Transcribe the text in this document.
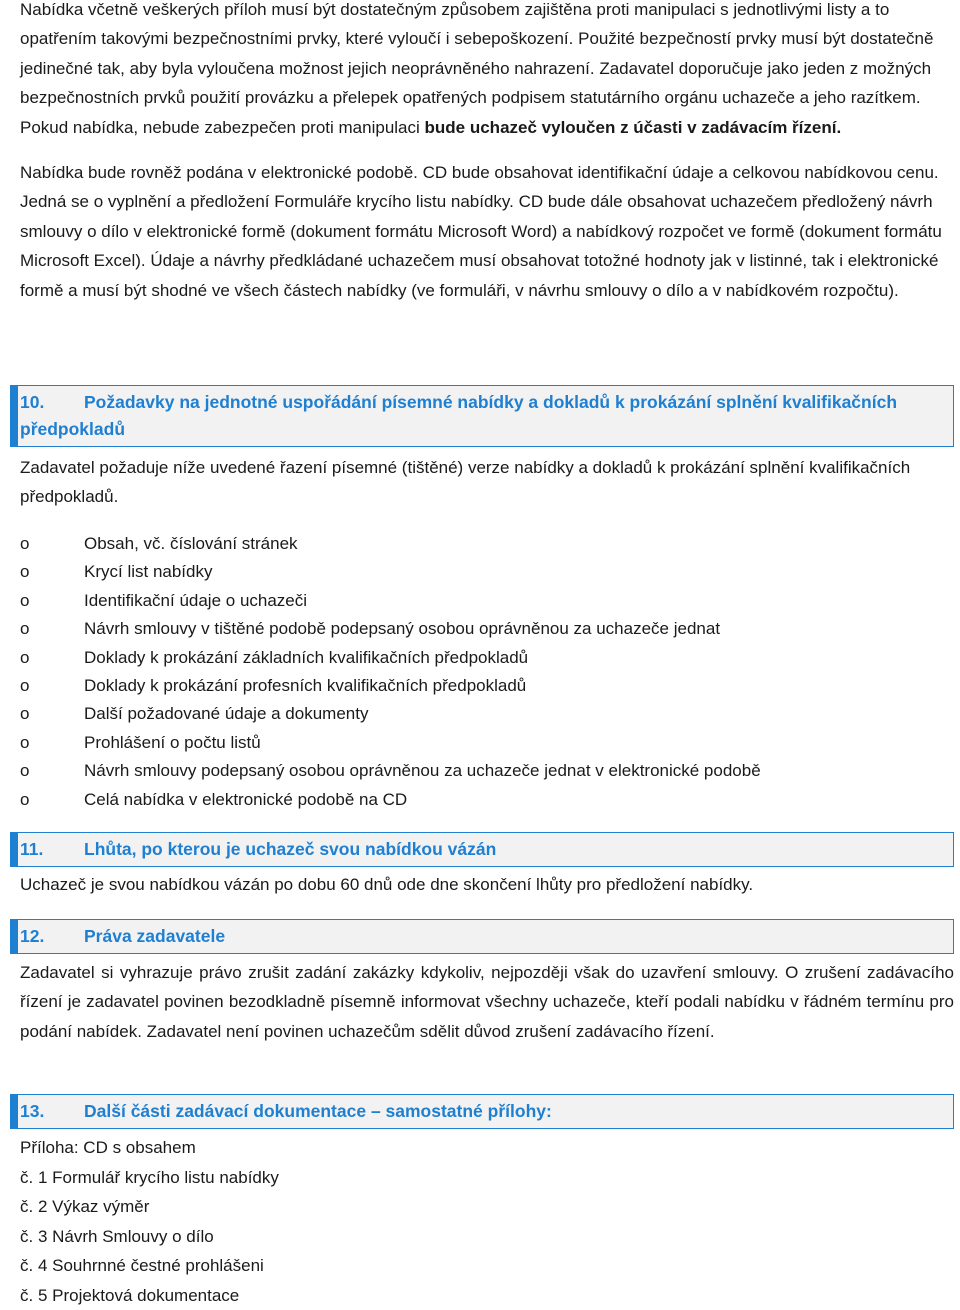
Nabídka včetně veškerých příloh musí být dostatečným způsobem zajištěna proti manipulaci s jednotlivými listy a to opatřením takovými bezpečnostními prvky, které vyloučí i sebepoškození. Použité bezpečností prvky musí být dostatečně jedinečné tak, aby byla vyloučena možnost jejich neoprávněného nahrazení. Zadavatel doporučuje jako jeden z možných bezpečnostních prvků použití provázku a přelepek opatřených podpisem statutárního orgánu uchazeče a jeho razítkem. Pokud nabídka, nebude zabezpečen proti manipulaci bude uchazeč vyloučen z účasti v zadávacím řízení.

Nabídka bude rovněž podána v elektronické podobě. CD bude obsahovat identifikační údaje a celkovou nabídkovou cenu. Jedná se o vyplnění a předložení Formuláře krycího listu nabídky. CD bude dále obsahovat uchazečem předložený návrh smlouvy o dílo v elektronické formě (dokument formátu Microsoft Word) a nabídkový rozpočet ve formě (dokument formátu Microsoft Excel). Údaje a návrhy předkládané uchazečem musí obsahovat totožné hodnoty jak v listinné, tak i elektronické formě a musí být shodné ve všech částech nabídky (ve formuláři, v návrhu smlouvy o dílo a v nabídkovém rozpočtu).

10. Požadavky na jednotné uspořádání písemné nabídky a dokladů k prokázání splnění kvalifikačních
předpokladů

Zadavatel požaduje níže uvedené řazení písemné (tištěné) verze nabídky a dokladů k prokázání splnění kvalifikačních předpokladů.

o	Obsah, vč. číslování stránek
o	Krycí list nabídky
o	Identifikační údaje o uchazeči
o	Návrh smlouvy v tištěné podobě podepsaný osobou oprávněnou za uchazeče jednat
o	Doklady k prokázání základních kvalifikačních předpokladů
o	Doklady k prokázání profesních kvalifikačních předpokladů
o	Další požadované údaje a dokumenty
o	Prohlášení o počtu listů
o	Návrh smlouvy podepsaný osobou oprávněnou za uchazeče jednat v elektronické podobě
o	Celá nabídka v elektronické podobě na CD
11. Lhůta, po kterou je uchazeč svou nabídkou vázán

Uchazeč je svou nabídkou vázán po dobu 60 dnů ode dne skončení lhůty pro předložení nabídky.

12. Práva zadavatele

Zadavatel si vyhrazuje právo zrušit zadání zakázky kdykoliv, nejpozději však do uzavření smlouvy. O zrušení zadávacího řízení je zadavatel povinen bezodkladně písemně informovat všechny uchazeče, kteří podali nabídku v řádném termínu pro podání nabídek. Zadavatel není povinen uchazečům sdělit důvod zrušení zadávacího řízení.

13. Další části zadávací dokumentace – samostatné přílohy:

Příloha: CD s obsahem

č. 1 Formulář krycího listu nabídky

č. 2 Výkaz výměr

č. 3 Návrh Smlouvy o dílo

č. 4 Souhrnné čestné prohlášeni

č. 5 Projektová dokumentace
